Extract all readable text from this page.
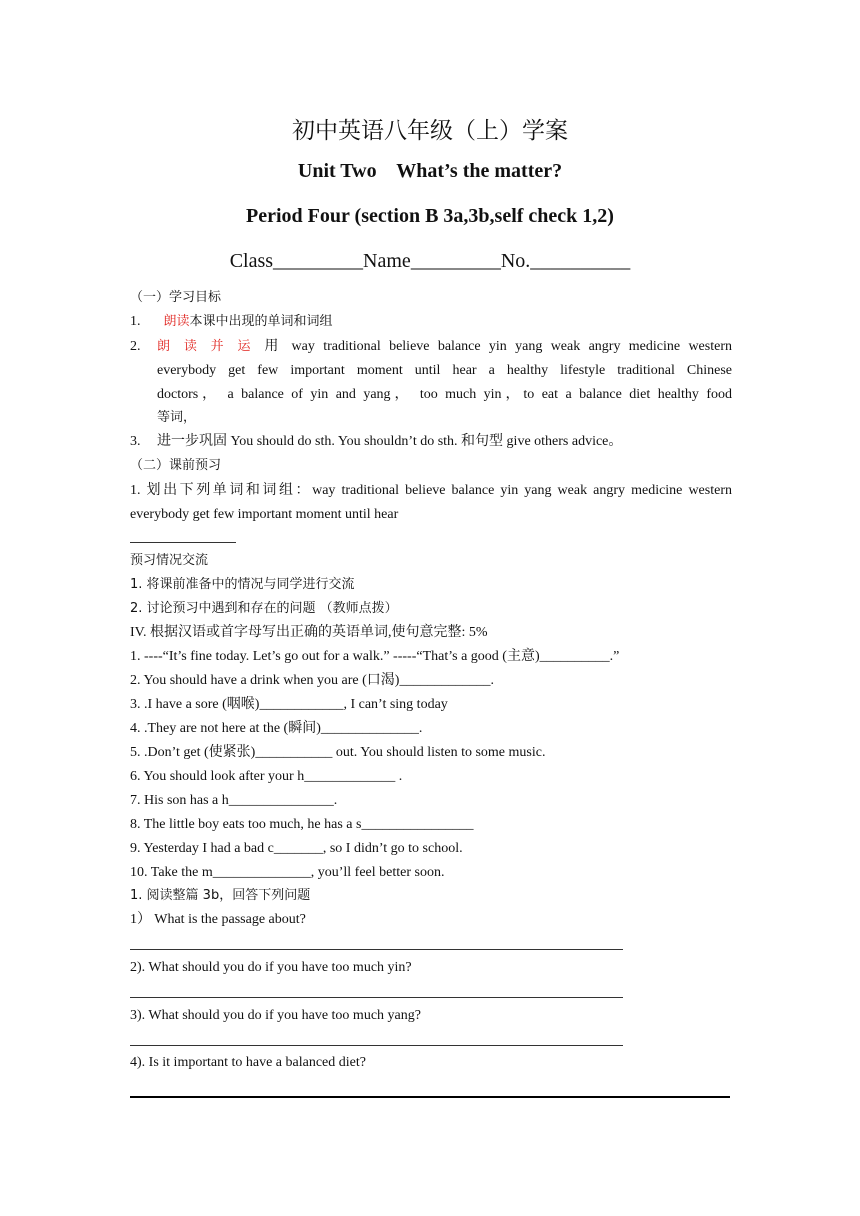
初中英语八年级（上）学案
Unit Two    What’s the matter?
Period Four (section B 3a,3b,self check 1,2)
Class_________Name_________No.__________
（一）学习目标
1. 朗读本课中出现的单词和词组
2. 朗读并运用 way traditional believe balance yin yang weak angry medicine western
everybody get few important moment until hear a healthy lifestyle traditional Chinese
doctors， a balance of yin and yang， too much yin，to eat a balance diet healthy food
等词，
3. 进一步巩固 You should do sth. You shouldn’t do sth. 和句型 give others advice。
（二）课前预习
1. 划出下列单词和词组：way traditional believe balance yin yang weak angry medicine western
everybody get few important moment until hear
预习情况交流
1. 将课前准备中的情况与同学进行交流
2. 讨论预习中遇到和存在的问题 （教师点拨）
IV. 根据汉语或首字母写出正确的英语单词,使句意完整: 5%
1. ----“It’s fine today. Let’s go out for a walk.” -----“That’s a good (主意)__________.”
2. You should have a drink when you are (口渴)_____________.
3. .I have a sore (咽喉)____________, I can’t sing today
4. .They are not here at the (瞬间)______________.
5. .Don’t get (使紧张)___________ out. You should listen to some music.
6. You should look after your h_____________ .
7. His son has a h_______________.
8. The little boy eats too much, he has a s________________
9. Yesterday I had a bad c_______, so I didn’t go to school.
10. Take the m______________, you’ll feel better soon.
1. 阅读整篇 3b，回答下列问题
1） What is the passage about?
2). What should you do if you have too much yin?
3). What should you do if you have too much yang?
4). Is it important to have a balanced diet?
